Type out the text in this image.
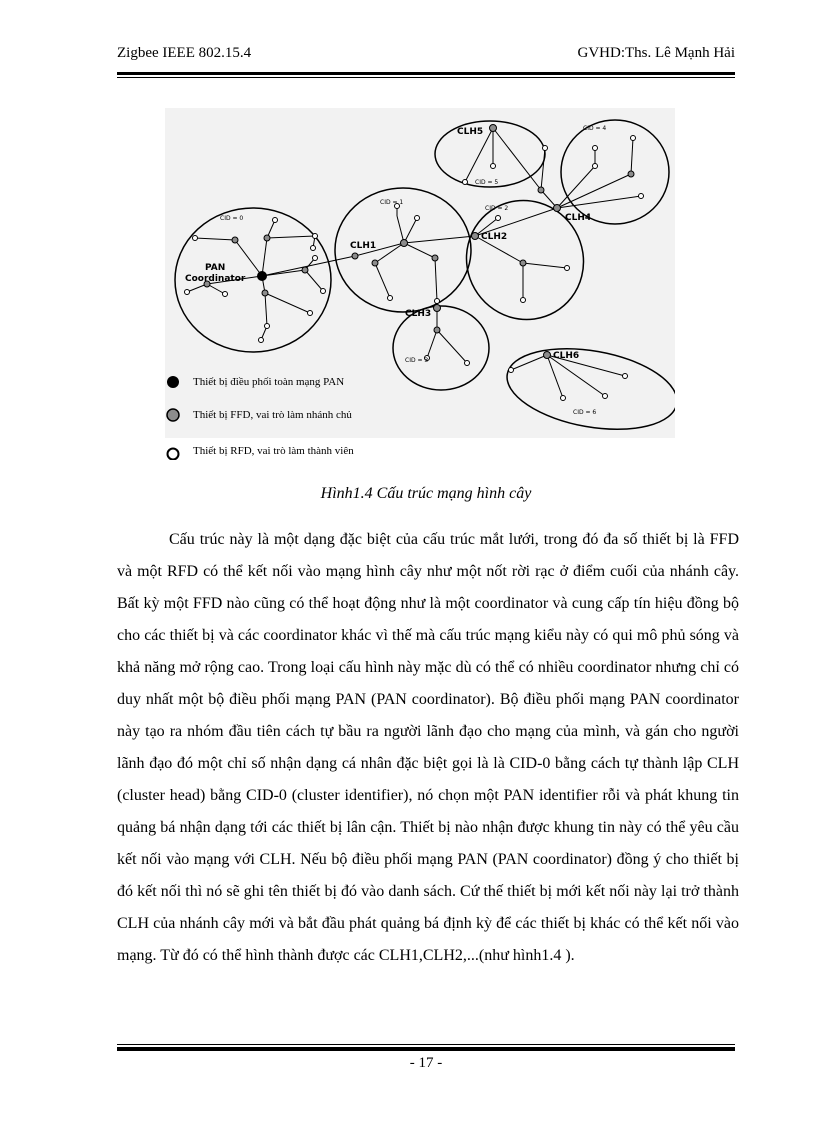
Zigbee IEEE 802.15.4	GVHD:Ths. Lê Mạnh Hải
CID = 0
CID = 1
CID = 2
CID = 3
CID = 4
CID = 5
CID = 6
PAN
Coordinator
CLH1
CLH2
CLH3
CLH4
CLH5
CLH6
Thiết bị điều phối toàn mạng PAN
Thiết bị FFD, vai trò làm nhánh chủ
Thiết bị RFD, vai trò làm thành viên
Hình1.4 Cấu trúc mạng hình cây

Cấu trúc này là một dạng đặc biệt của cấu trúc mắt lưới, trong đó đa số thiết bị là FFD và một RFD có thể kết nối vào mạng hình cây như một nốt rời rạc ở điểm cuối của nhánh cây. Bất kỳ một FFD nào cũng có thể hoạt động như là một coordinator và cung cấp tín hiệu đồng bộ cho các thiết bị và các coordinator khác vì thế mà cấu trúc mạng kiểu này có qui mô phủ sóng và khả năng mở rộng cao. Trong loại cấu hình này mặc dù có thể có nhiều coordinator nhưng chỉ có duy nhất một bộ điều phối mạng PAN (PAN coordinator). Bộ điều phối mạng PAN coordinator này tạo ra nhóm đầu tiên cách tự bầu ra người lãnh đạo cho mạng của mình, và gán cho người lãnh đạo đó một chỉ số nhận dạng cá nhân đặc biệt gọi là là CID-0 bằng cách tự thành lập CLH (cluster head) bằng CID-0 (cluster identifier), nó chọn một PAN identifier rỗi và phát khung tin quảng bá nhận dạng tới các thiết bị lân cận. Thiết bị nào nhận được khung tin này có thể yêu cầu kết nối vào mạng với CLH. Nếu bộ điều phối mạng PAN (PAN coordinator) đồng ý cho thiết bị đó kết nối thì nó sẽ ghi tên thiết bị đó vào danh sách. Cứ thế thiết bị mới kết nối này lại trở thành CLH của nhánh cây mới và bắt đầu phát quảng bá định kỳ để các thiết bị khác có thể kết nối vào mạng. Từ đó có thể hình thành được các CLH1,CLH2,...(như hình1.4 ).

- 17 -
